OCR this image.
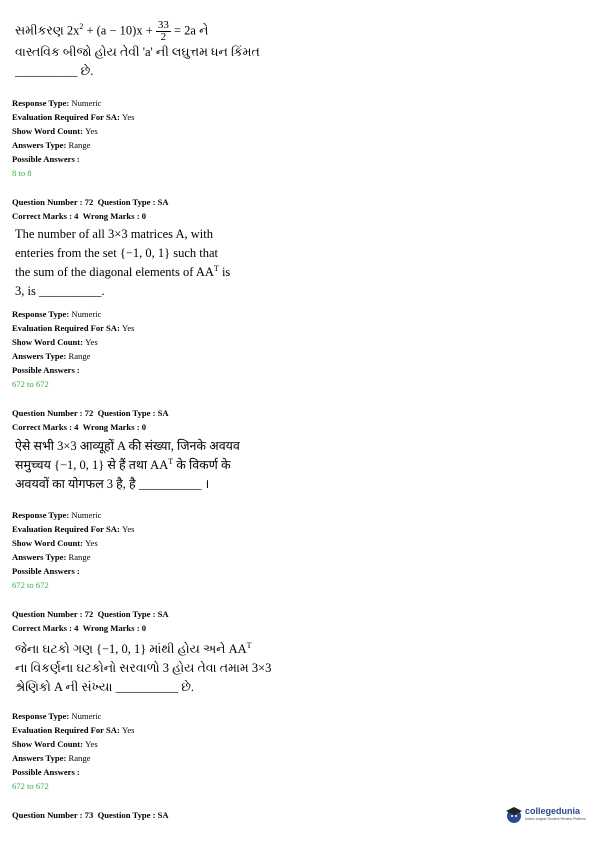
સમીકરણ $2x^2 + (a - 10)x + \frac{33}{2} = 2a$ ને
વાસ્તવિક બીજો હોય તેવી 'a' ની લઘુત્તમ ધન કિંમત
__________ છે.
Response Type: Numeric
Evaluation Required For SA: Yes
Show Word Count: Yes
Answers Type: Range
Possible Answers :
8 to 8
Question Number : 72 Question Type : SA
Correct Marks : 4 Wrong Marks : 0
The number of all 3×3 matrices A, with
enteries from the set {−1, 0, 1} such that
the sum of the diagonal elements of $AA^T$ is
3, is __________.
Response Type: Numeric
Evaluation Required For SA: Yes
Show Word Count: Yes
Answers Type: Range
Possible Answers :
672 to 672
Question Number : 72 Question Type : SA
Correct Marks : 4 Wrong Marks : 0
ऐसे सभी 3×3 आव्यूहों A की संख्या, जिनके अवयव
समुच्चय {−1, 0, 1} से हैं तथा $AA^T$ के विकर्ण के
अवयवों का योगफल 3 है, है __________ ।
Response Type: Numeric
Evaluation Required For SA: Yes
Show Word Count: Yes
Answers Type: Range
Possible Answers :
672 to 672
Question Number : 72 Question Type : SA
Correct Marks : 4 Wrong Marks : 0
જેના ઘટકો ગણ {−1, 0, 1} માંથી હોય અને $AA^T$
ના વિકર્ણના ઘટકોનો સરવાળો 3 હોય તેવા તમામ 3×3
શ્રેણિકો A ની સંખ્યા __________ છે.
Response Type: Numeric
Evaluation Required For SA: Yes
Show Word Count: Yes
Answers Type: Range
Possible Answers :
672 to 672
Question Number : 73 Question Type : SA	collegedunia
India's largest Student Review Platform
